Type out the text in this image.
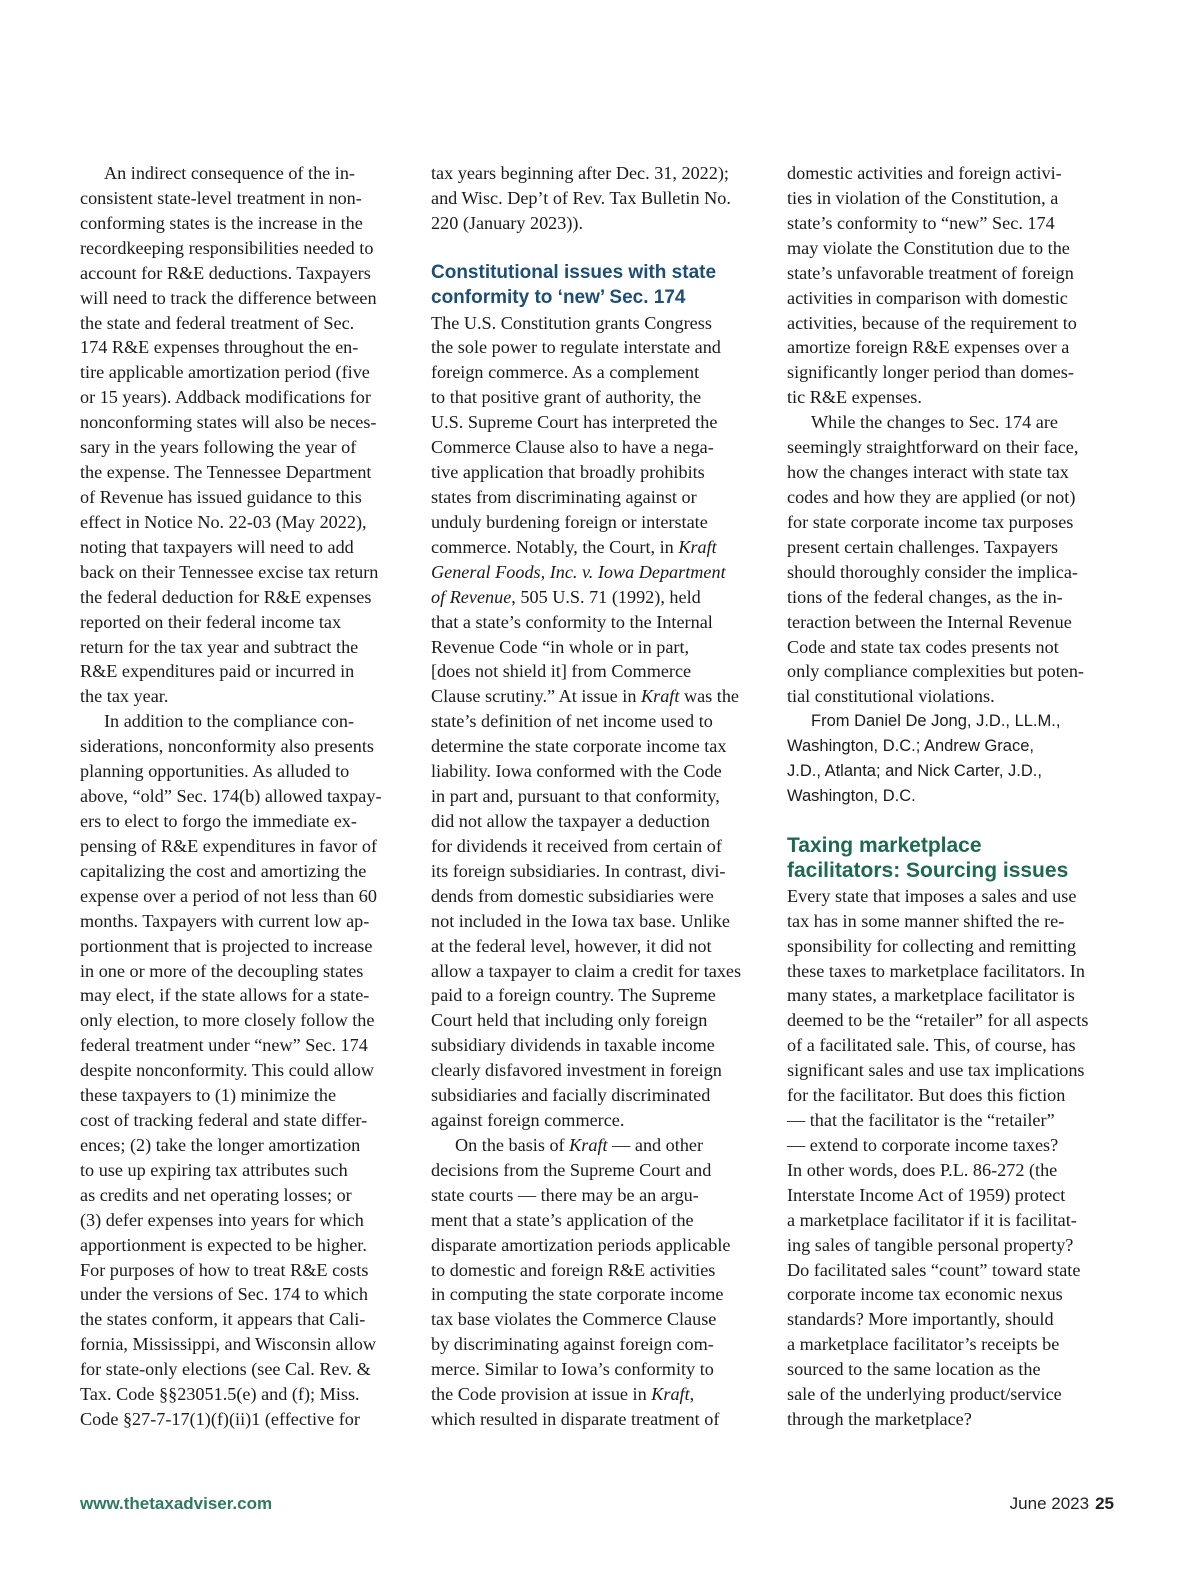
An indirect consequence of the in-
consistent state-level treatment in non-
conforming states is the increase in the
recordkeeping responsibilities needed to
account for R&E deductions. Taxpayers
will need to track the difference between
the state and federal treatment of Sec.
174 R&E expenses throughout the en-
tire applicable amortization period (five
or 15 years). Addback modifications for
nonconforming states will also be neces-
sary in the years following the year of
the expense. The Tennessee Department
of Revenue has issued guidance to this
effect in Notice No. 22-03 (May 2022),
noting that taxpayers will need to add
back on their Tennessee excise tax return
the federal deduction for R&E expenses
reported on their federal income tax
return for the tax year and subtract the
R&E expenditures paid or incurred in
the tax year.
In addition to the compliance con-
siderations, nonconformity also presents
planning opportunities. As alluded to
above, “old” Sec. 174(b) allowed taxpay-
ers to elect to forgo the immediate ex-
pensing of R&E expenditures in favor of
capitalizing the cost and amortizing the
expense over a period of not less than 60
months. Taxpayers with current low ap-
portionment that is projected to increase
in one or more of the decoupling states
may elect, if the state allows for a state-
only election, to more closely follow the
federal treatment under “new” Sec. 174
despite nonconformity. This could allow
these taxpayers to (1) minimize the
cost of tracking federal and state differ-
ences; (2) take the longer amortization
to use up expiring tax attributes such
as credits and net operating losses; or
(3) defer expenses into years for which
apportionment is expected to be higher.
For purposes of how to treat R&E costs
under the versions of Sec. 174 to which
the states conform, it appears that Cali-
fornia, Mississippi, and Wisconsin allow
for state-only elections (see Cal. Rev. &
Tax. Code §§23051.5(e) and (f); Miss.
Code §27-7-17(1)(f)(ii)1 (effective for
tax years beginning after Dec. 31, 2022);
and Wisc. Dep’t of Rev. Tax Bulletin No.
220 (January 2023)).
Constitutional issues with state
conformity to ‘new’ Sec. 174
The U.S. Constitution grants Congress
the sole power to regulate interstate and
foreign commerce. As a complement
to that positive grant of authority, the
U.S. Supreme Court has interpreted the
Commerce Clause also to have a nega-
tive application that broadly prohibits
states from discriminating against or
unduly burdening foreign or interstate
commerce. Notably, the Court, in Kraft
General Foods, Inc. v. Iowa Department
of Revenue, 505 U.S. 71 (1992), held
that a state’s conformity to the Internal
Revenue Code “in whole or in part,
[does not shield it] from Commerce
Clause scrutiny.” At issue in Kraft was the
state’s definition of net income used to
determine the state corporate income tax
liability. Iowa conformed with the Code
in part and, pursuant to that conformity,
did not allow the taxpayer a deduction
for dividends it received from certain of
its foreign subsidiaries. In contrast, divi-
dends from domestic subsidiaries were
not included in the Iowa tax base. Unlike
at the federal level, however, it did not
allow a taxpayer to claim a credit for taxes
paid to a foreign country. The Supreme
Court held that including only foreign
subsidiary dividends in taxable income
clearly disfavored investment in foreign
subsidiaries and facially discriminated
against foreign commerce.
On the basis of Kraft — and other
decisions from the Supreme Court and
state courts — there may be an argu-
ment that a state’s application of the
disparate amortization periods applicable
to domestic and foreign R&E activities
in computing the state corporate income
tax base violates the Commerce Clause
by discriminating against foreign com-
merce. Similar to Iowa’s conformity to
the Code provision at issue in Kraft,
which resulted in disparate treatment of
domestic activities and foreign activi-
ties in violation of the Constitution, a
state’s conformity to “new” Sec. 174
may violate the Constitution due to the
state’s unfavorable treatment of foreign
activities in comparison with domestic
activities, because of the requirement to
amortize foreign R&E expenses over a
significantly longer period than domes-
tic R&E expenses.
While the changes to Sec. 174 are
seemingly straightforward on their face,
how the changes interact with state tax
codes and how they are applied (or not)
for state corporate income tax purposes
present certain challenges. Taxpayers
should thoroughly consider the implica-
tions of the federal changes, as the in-
teraction between the Internal Revenue
Code and state tax codes presents not
only compliance complexities but poten-
tial constitutional violations.
From Daniel De Jong, J.D., LL.M.,
Washington, D.C.; Andrew Grace,
J.D., Atlanta; and Nick Carter, J.D.,
Washington, D.C.
Taxing marketplace
facilitators: Sourcing issues
Every state that imposes a sales and use
tax has in some manner shifted the re-
sponsibility for collecting and remitting
these taxes to marketplace facilitators. In
many states, a marketplace facilitator is
deemed to be the “retailer” for all aspects
of a facilitated sale. This, of course, has
significant sales and use tax implications
for the facilitator. But does this fiction
— that the facilitator is the “retailer”
— extend to corporate income taxes?
In other words, does P.L. 86-272 (the
Interstate Income Act of 1959) protect
a marketplace facilitator if it is facilitat-
ing sales of tangible personal property?
Do facilitated sales “count” toward state
corporate income tax economic nexus
standards? More importantly, should
a marketplace facilitator’s receipts be
sourced to the same location as the
sale of the underlying product/service
through the marketplace?
www.thetaxadviser.com	June 2023 25
